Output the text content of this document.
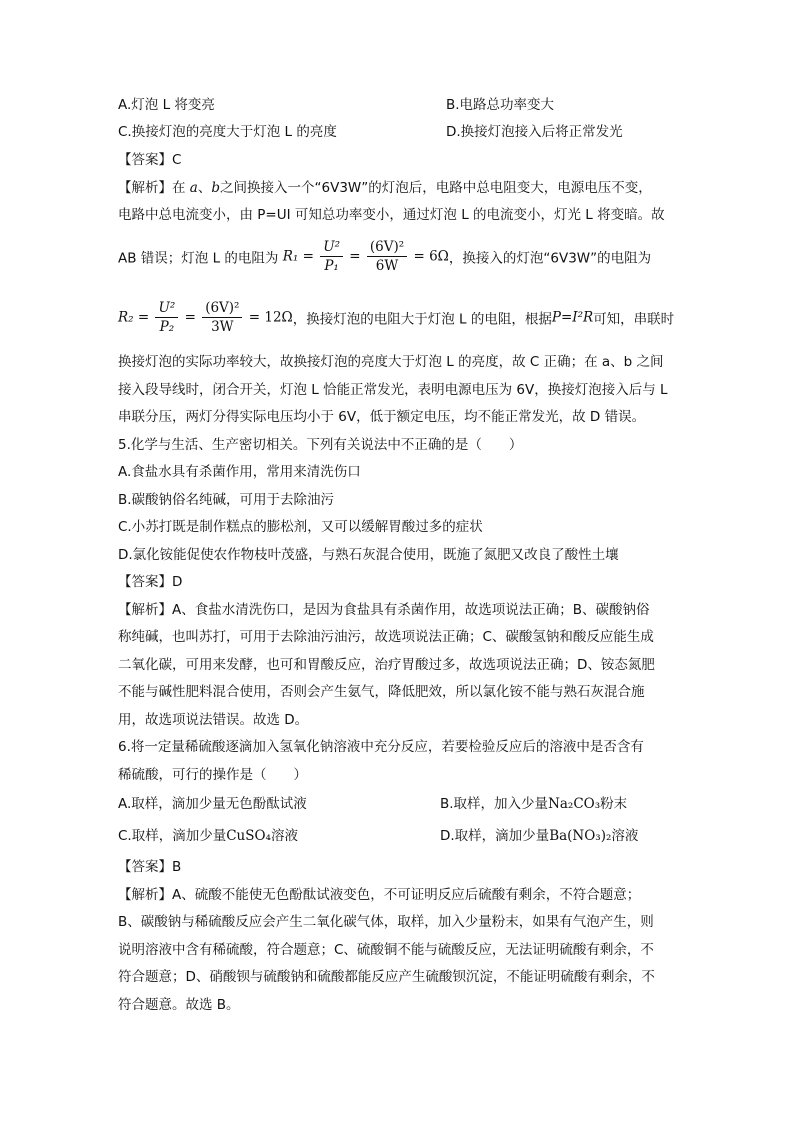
A.灯泡 L 将变亮	B.电路总功率变大
C.换接灯泡的亮度大于灯泡 L 的亮度	D.换接灯泡接入后将正常发光
【答案】C
【解析】在 a、b之间换接入一个“6V3W”的灯泡后，电路中总电阻变大，电源电压不变，
电路中总电流变小，由 P=UI 可知总功率变小，通过灯泡 L 的电流变小，灯光 L 将变暗。故
AB 错误；灯泡 L 的电阻为 $R_1 = \frac{\text{U²}}{\text{P₁}} = \frac{\text{(6V)²}}{6W} = 6\Omega$，换接入的灯泡“6V3W”的电阻为
$R_2 = \frac{\text{U²}}{\text{P₂}} = \frac{\text{(6V)²}}{3W} = 12\Omega$，换接灯泡的电阻大于灯泡 L 的电阻，根据P=I²R可知，串联时
换接灯泡的实际功率较大，故换接灯泡的亮度大于灯泡 L 的亮度，故 C 正确；在 a、b 之间
接入段导线时，闭合开关，灯泡 L 恰能正常发光，表明电源电压为 6V，换接灯泡接入后与 L
串联分压，两灯分得实际电压均小于 6V，低于额定电压，均不能正常发光，故 D 错误。
5.化学与生活、生产密切相关。下列有关说法中不正确的是（　　）
A.食盐水具有杀菌作用，常用来清洗伤口
B.碳酸钠俗名纯碱，可用于去除油污
C.小苏打既是制作糕点的膨松剂，又可以缓解胃酸过多的症状
D.氯化铵能促使农作物枝叶茂盛，与熟石灰混合使用，既施了氮肥又改良了酸性土壤
【答案】D
【解析】A、食盐水清洗伤口，是因为食盐具有杀菌作用，故选项说法正确；B、碳酸钠俗
称纯碱，也叫苏打，可用于去除油污油污，故选项说法正确；C、碳酸氢钠和酸反应能生成
二氧化碳，可用来发酵，也可和胃酸反应，治疗胃酸过多，故选项说法正确；D、铵态氮肥
不能与碱性肥料混合使用，否则会产生氨气，降低肥效，所以氯化铵不能与熟石灰混合施
用，故选项说法错误。故选 D。
6.将一定量稀硫酸逐滴加入氢氧化钠溶液中充分反应，若要检验反应后的溶液中是否含有
稀硫酸，可行的操作是（　　）
A.取样，滴加少量无色酚酞试液	B.取样，加入少量Na₂CO₃粉末
C.取样，滴加少量CuSO₄溶液	D.取样，滴加少量Ba(NO₃)₂溶液
【答案】B
【解析】A、硫酸不能使无色酚酞试液变色，不可证明反应后硫酸有剩余，不符合题意；
B、碳酸钠与稀硫酸反应会产生二氧化碳气体，取样，加入少量粉末，如果有气泡产生，则
说明溶液中含有稀硫酸，符合题意；C、硫酸铜不能与硫酸反应，无法证明硫酸有剩余，不
符合题意；D、硝酸钡与硫酸钠和硫酸都能反应产生硫酸钡沉淀，不能证明硫酸有剩余，不
符合题意。故选 B。
